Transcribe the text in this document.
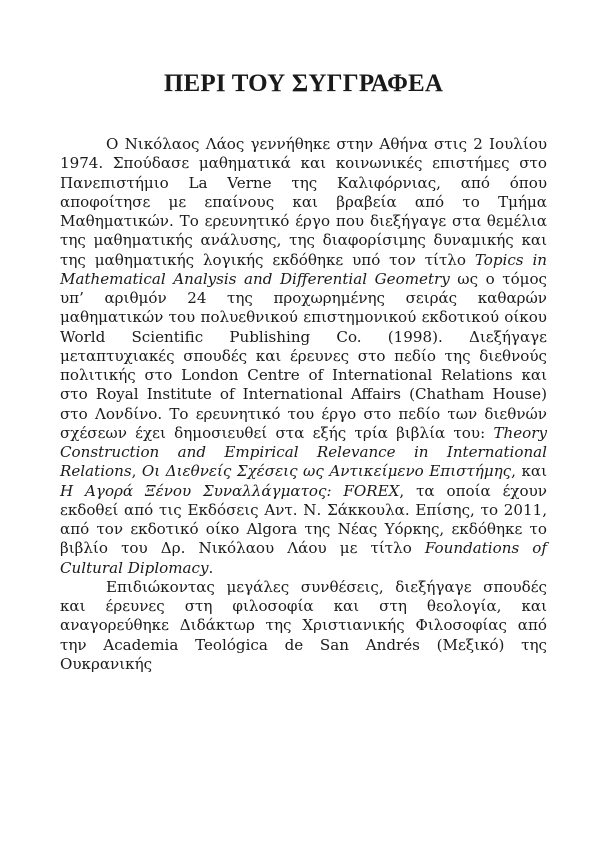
ΠΕΡΙ ΤΟΥ ΣΥΓΓΡΑΦΕΑ

Ο Νικόλαος Λάος γεννήθηκε στην Αθήνα στις 2 Ιουλίου 1974. Σπούδασε μαθηματικά και κοινωνικές επιστήμες στο Πανεπιστήμιο La Verne της Καλιφόρνιας, από όπου αποφοίτησε με επαίνους και βραβεία από το Τμήμα Μαθηματικών. Το ερευνητικό έργο που διεξήγαγε στα θεμέλια της μαθηματικής ανάλυσης, της διαφορίσιμης δυναμικής και της μαθηματικής λογικής εκδόθηκε υπό τον τίτλο Topics in Mathematical Analysis and Differential Geometry ως ο τόμος υπ’ αριθμόν 24 της προχωρημένης σειράς καθαρών μαθηματικών του πολυεθνικού επιστημονικού εκδοτικού οίκου World Scientific Publishing Co. (1998). Διεξήγαγε μεταπτυχιακές σπουδές και έρευνες στο πεδίο της διεθνούς πολιτικής στο London Centre of International Relations και στο Royal Institute of International Affairs (Chatham House) στο Λονδίνο. Το ερευνητικό του έργο στο πεδίο των διεθνών σχέσεων έχει δημοσιευθεί στα εξής τρία βιβλία του: Theory Construction and Empirical Relevance in International Relations, Οι Διεθνείς Σχέσεις ως Αντικείμενο Επιστήμης, και Η Αγορά Ξένου Συναλλάγματος: FOREX, τα οποία έχουν εκδοθεί από τις Εκδόσεις Αντ. Ν. Σάκκουλα. Επίσης, το 2011, από τον εκδοτικό οίκο Algora της Νέας Υόρκης, εκδόθηκε το βιβλίο του Δρ. Νικόλαου Λάου με τίτλο Foundations of Cultural Diplomacy.

Επιδιώκοντας μεγάλες συνθέσεις, διεξήγαγε σπουδές και έρευνες στη φιλοσοφία και στη θεολογία, και αναγορεύθηκε Διδάκτωρ της Χριστιανικής Φιλοσοφίας από την Academia Teológica de San Andrés (Μεξικό) της Ουκρανικής
